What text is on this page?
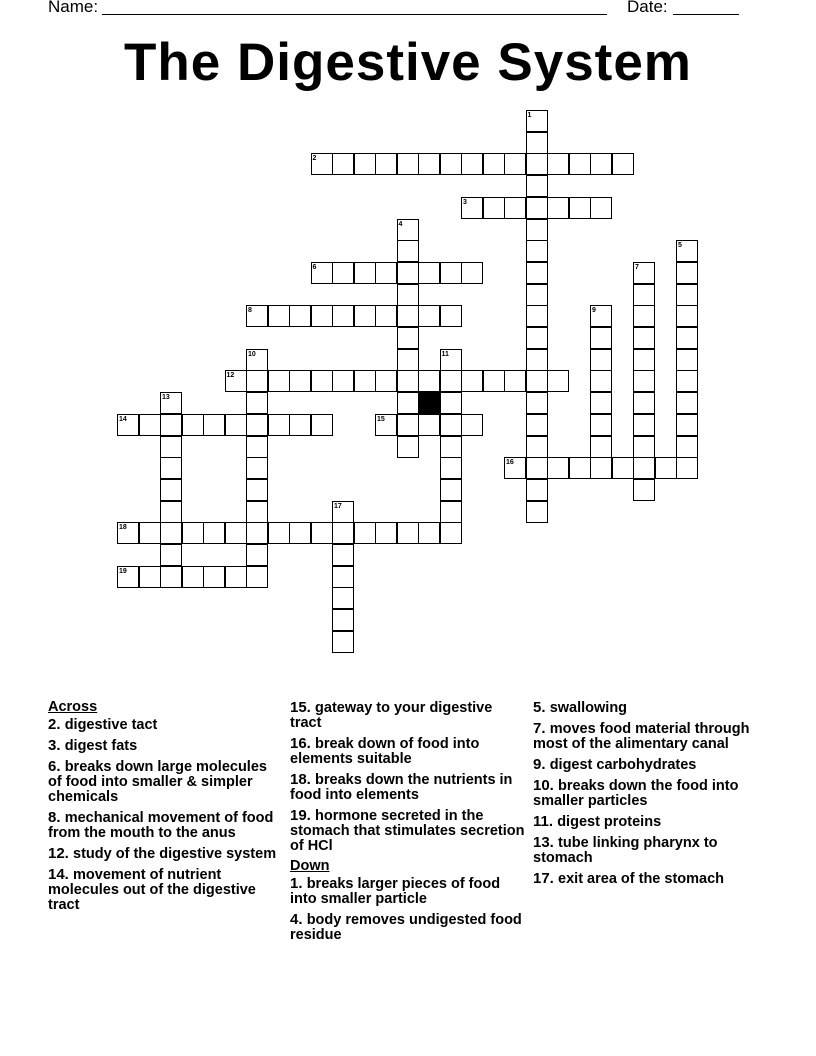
Name:	Date:
The Digestive System
1
2
3
4
5
6	7
8	9
10	11
12
13
14	15
16
17
18
19
Across
2. digestive tact
3. digest fats
6. breaks down large molecules of food into smaller & simpler chemicals
8. mechanical movement of food from the mouth to the anus
12. study of the digestive system
14. movement of nutrient molecules out of the digestive tract
15. gateway to your digestive tract
16. break down of food into elements suitable
18. breaks down the nutrients in food into elements
19. hormone secreted in the stomach that stimulates secretion of HCl
Down
1. breaks larger pieces of food into smaller particle
4. body removes undigested food residue
5. swallowing
7. moves food material through most of the alimentary canal
9. digest carbohydrates
10. breaks down the food into smaller particles
11. digest proteins
13. tube linking pharynx to stomach
17. exit area of the stomach
